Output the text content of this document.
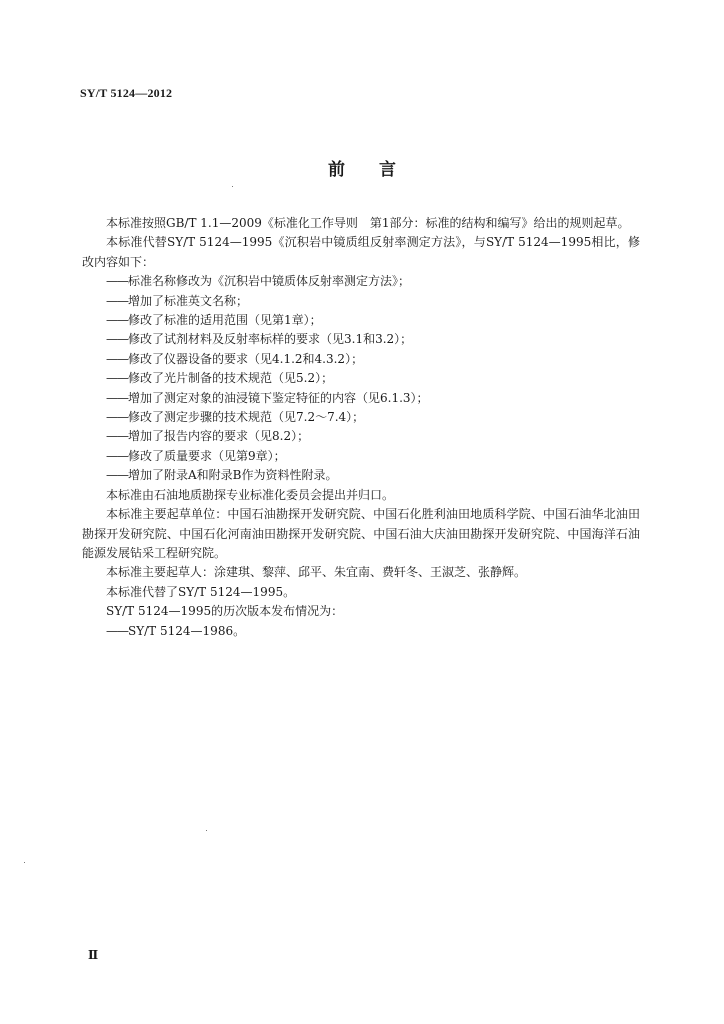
SY/T 5124—2012
前言

本标准按照GB/T 1.1—2009《标准化工作导则　第1部分：标准的结构和编写》给出的规则起草。

本标准代替SY/T 5124—1995《沉积岩中镜质组反射率测定方法》，与SY/T 5124—1995相比，修改内容如下：

——标准名称修改为《沉积岩中镜质体反射率测定方法》；

——增加了标准英文名称；

——修改了标准的适用范围（见第1章）；

——修改了试剂材料及反射率标样的要求（见3.1和3.2）；

——修改了仪器设备的要求（见4.1.2和4.3.2）；

——修改了光片制备的技术规范（见5.2）；

——增加了测定对象的油浸镜下鉴定特征的内容（见6.1.3）；

——修改了测定步骤的技术规范（见7.2～7.4）；

——增加了报告内容的要求（见8.2）；

——修改了质量要求（见第9章）；

——增加了附录A和附录B作为资料性附录。

本标准由石油地质勘探专业标准化委员会提出并归口。

本标准主要起草单位：中国石油勘探开发研究院、中国石化胜利油田地质科学院、中国石油华北油田勘探开发研究院、中国石化河南油田勘探开发研究院、中国石油大庆油田勘探开发研究院、中国海洋石油能源发展钻采工程研究院。

本标准主要起草人：涂建琪、黎萍、邱平、朱宜南、费轩冬、王淑芝、张静辉。

本标准代替了SY/T 5124—1995。

SY/T 5124—1995的历次版本发布情况为：

——SY/T 5124—1986。

Ⅱ
